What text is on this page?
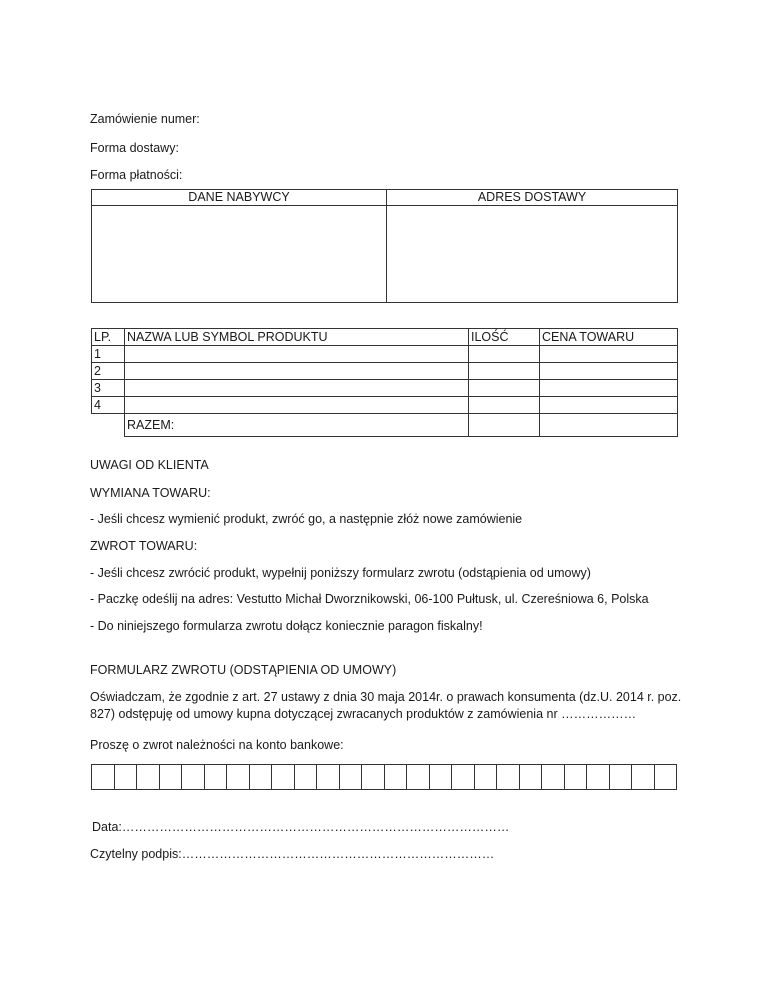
Zamówienie numer:
Forma dostawy:
Forma płatności:
DANE NABYWCY	ADRES DOSTAWY

LP.	NAZWA LUB SYMBOL PRODUKTU	ILOŚĆ	CENA TOWARU
1			
2			
3			
4			
	RAZEM:		
UWAGI OD KLIENTA
WYMIANA TOWARU:
- Jeśli chcesz wymienić produkt, zwróć go, a następnie złóż nowe zamówienie
ZWROT TOWARU:
- Jeśli chcesz zwrócić produkt, wypełnij poniższy formularz zwrotu (odstąpienia od umowy)
- Paczkę odeślij na adres: Vestutto Michał Dworznikowski, 06-100 Pułtusk, ul. Czereśniowa 6, Polska
- Do niniejszego formularza zwrotu dołącz koniecznie paragon fiskalny!
FORMULARZ ZWROTU (ODSTĄPIENIA OD UMOWY)
Oświadczam, że zgodnie z art. 27 ustawy z dnia 30 maja 2014r. o prawach konsumenta (dz.U. 2014 r. poz. 827) odstępuję od umowy kupna dotyczącej zwracanych produktów z zamówienia nr ………………
Proszę o zwrot należności na konto bankowe:

Data:…………………………………………………………………………………
Czytelny podpis:…………………………………………………………………
